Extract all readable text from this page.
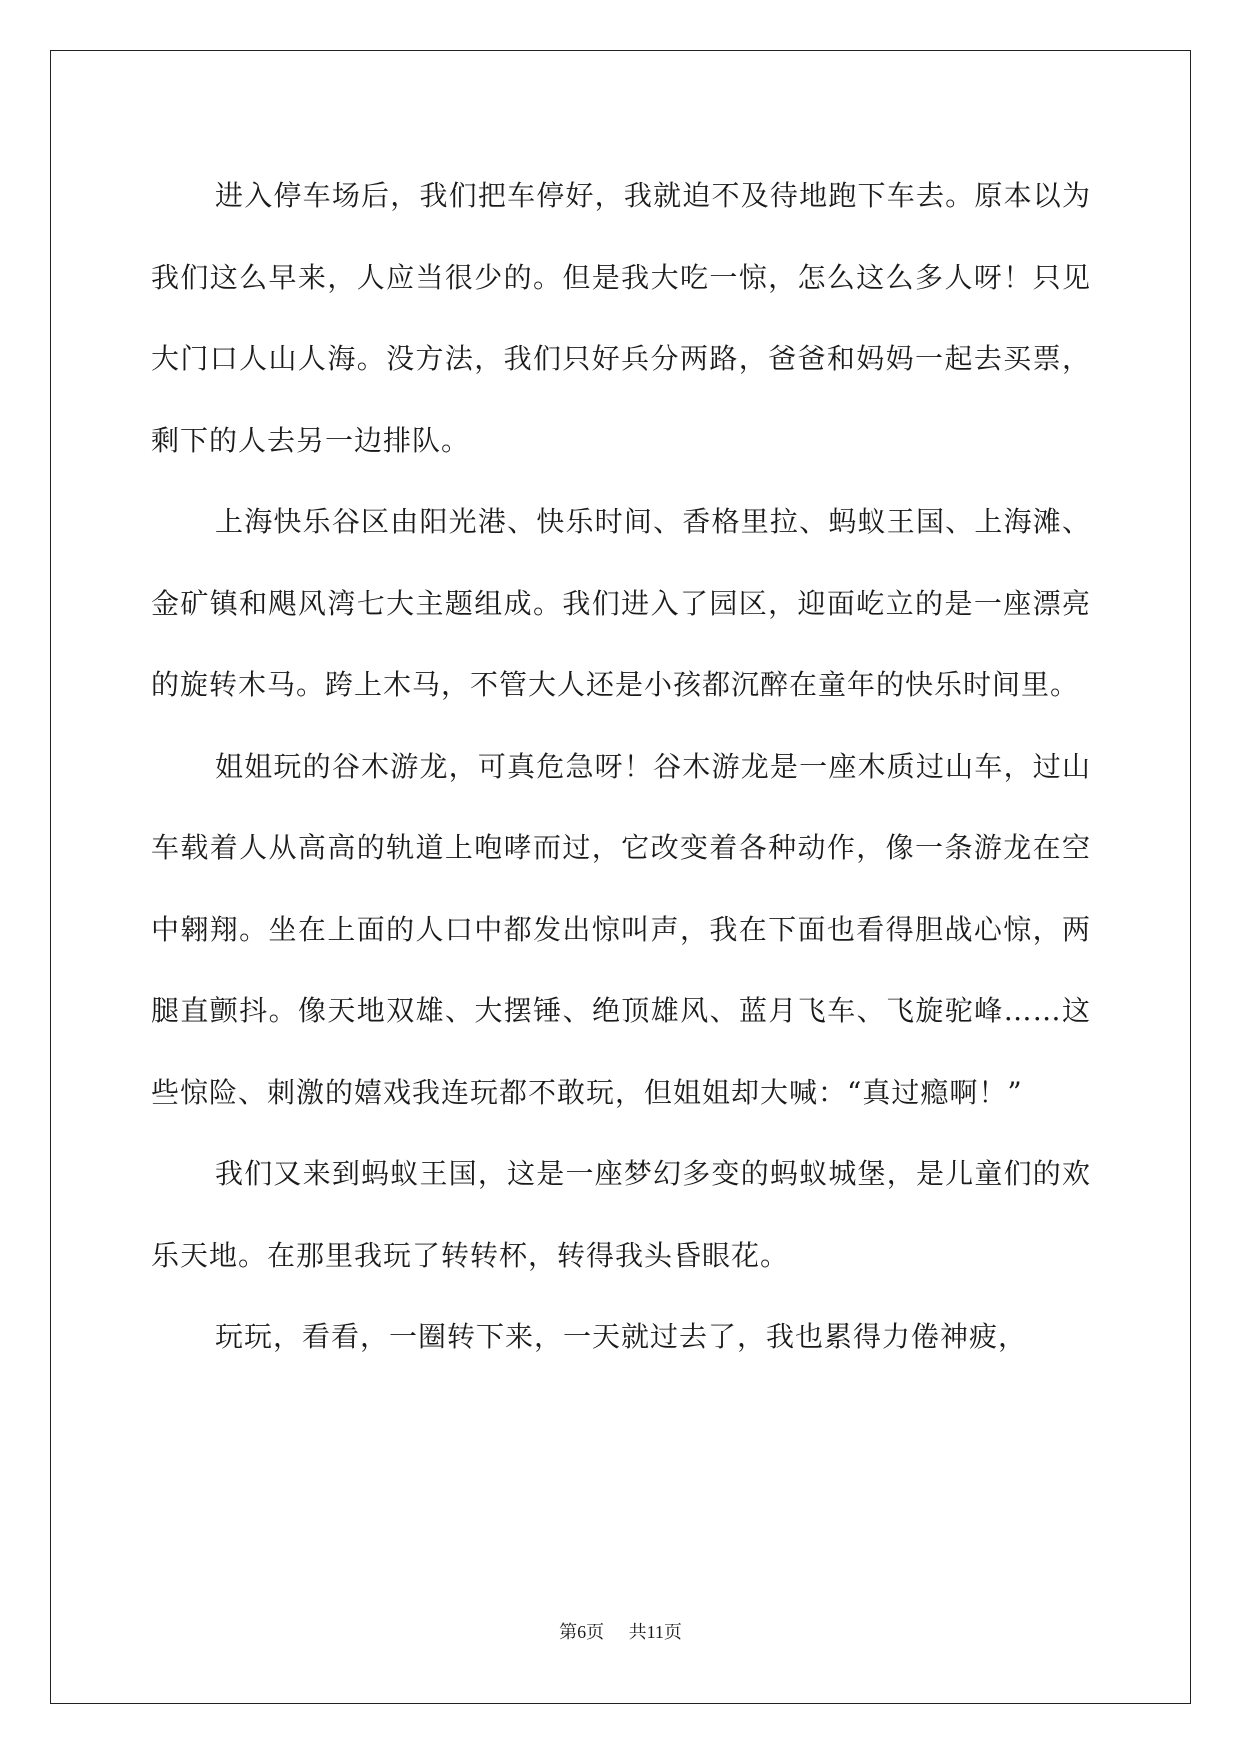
进入停车场后，我们把车停好，我就迫不及待地跑下车去。原本以为我们这么早来，人应当很少的。但是我大吃一惊，怎么这么多人呀！只见大门口人山人海。没方法，我们只好兵分两路，爸爸和妈妈一起去买票，剩下的人去另一边排队。

上海快乐谷区由阳光港、快乐时间、香格里拉、蚂蚁王国、上海滩、金矿镇和飓风湾七大主题组成。我们进入了园区，迎面屹立的是一座漂亮的旋转木马。跨上木马，不管大人还是小孩都沉醉在童年的快乐时间里。

姐姐玩的谷木游龙，可真危急呀！谷木游龙是一座木质过山车，过山车载着人从高高的轨道上咆哮而过，它改变着各种动作，像一条游龙在空中翱翔。坐在上面的人口中都发出惊叫声，我在下面也看得胆战心惊，两腿直颤抖。像天地双雄、大摆锤、绝顶雄风、蓝月飞车、飞旋驼峰……这些惊险、刺激的嬉戏我连玩都不敢玩，但姐姐却大喊：“真过瘾啊！”

我们又来到蚂蚁王国，这是一座梦幻多变的蚂蚁城堡，是儿童们的欢乐天地。在那里我玩了转转杯，转得我头昏眼花。

玩玩，看看，一圈转下来，一天就过去了，我也累得力倦神疲，

第6页 共11页
